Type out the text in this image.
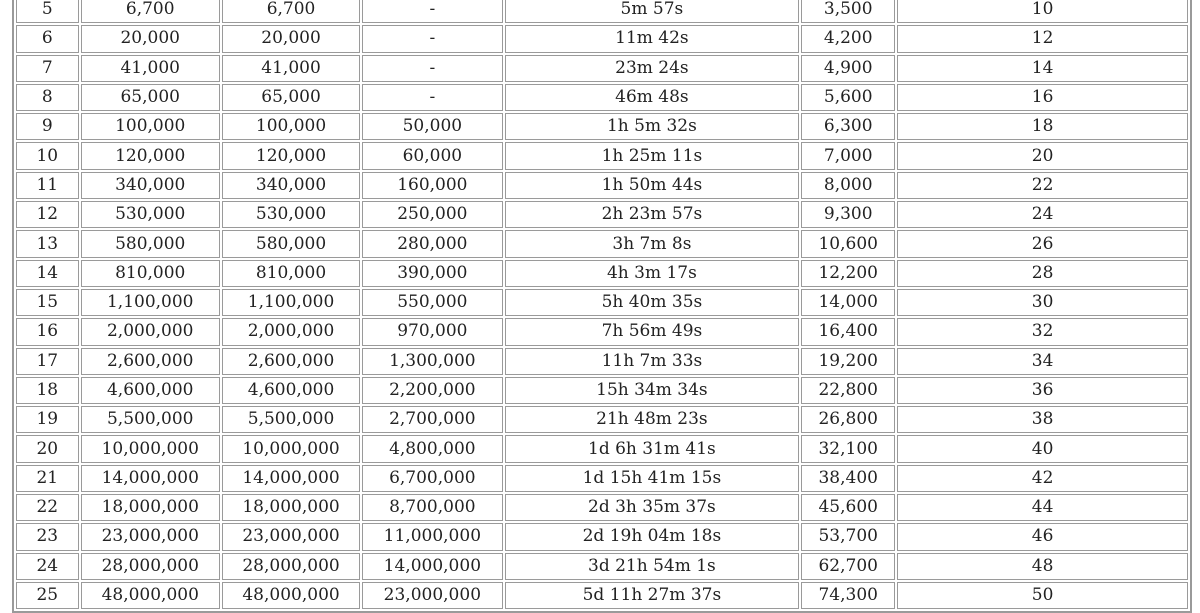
5	6,700	6,700	-	5m 57s	3,500	10
6	20,000	20,000	-	11m 42s	4,200	12
7	41,000	41,000	-	23m 24s	4,900	14
8	65,000	65,000	-	46m 48s	5,600	16
9	100,000	100,000	50,000	1h 5m 32s	6,300	18
10	120,000	120,000	60,000	1h 25m 11s	7,000	20
11	340,000	340,000	160,000	1h 50m 44s	8,000	22
12	530,000	530,000	250,000	2h 23m 57s	9,300	24
13	580,000	580,000	280,000	3h 7m 8s	10,600	26
14	810,000	810,000	390,000	4h 3m 17s	12,200	28
15	1,100,000	1,100,000	550,000	5h 40m 35s	14,000	30
16	2,000,000	2,000,000	970,000	7h 56m 49s	16,400	32
17	2,600,000	2,600,000	1,300,000	11h 7m 33s	19,200	34
18	4,600,000	4,600,000	2,200,000	15h 34m 34s	22,800	36
19	5,500,000	5,500,000	2,700,000	21h 48m 23s	26,800	38
20	10,000,000	10,000,000	4,800,000	1d 6h 31m 41s	32,100	40
21	14,000,000	14,000,000	6,700,000	1d 15h 41m 15s	38,400	42
22	18,000,000	18,000,000	8,700,000	2d 3h 35m 37s	45,600	44
23	23,000,000	23,000,000	11,000,000	2d 19h 04m 18s	53,700	46
24	28,000,000	28,000,000	14,000,000	3d 21h 54m 1s	62,700	48
25	48,000,000	48,000,000	23,000,000	5d 11h 27m 37s	74,300	50
